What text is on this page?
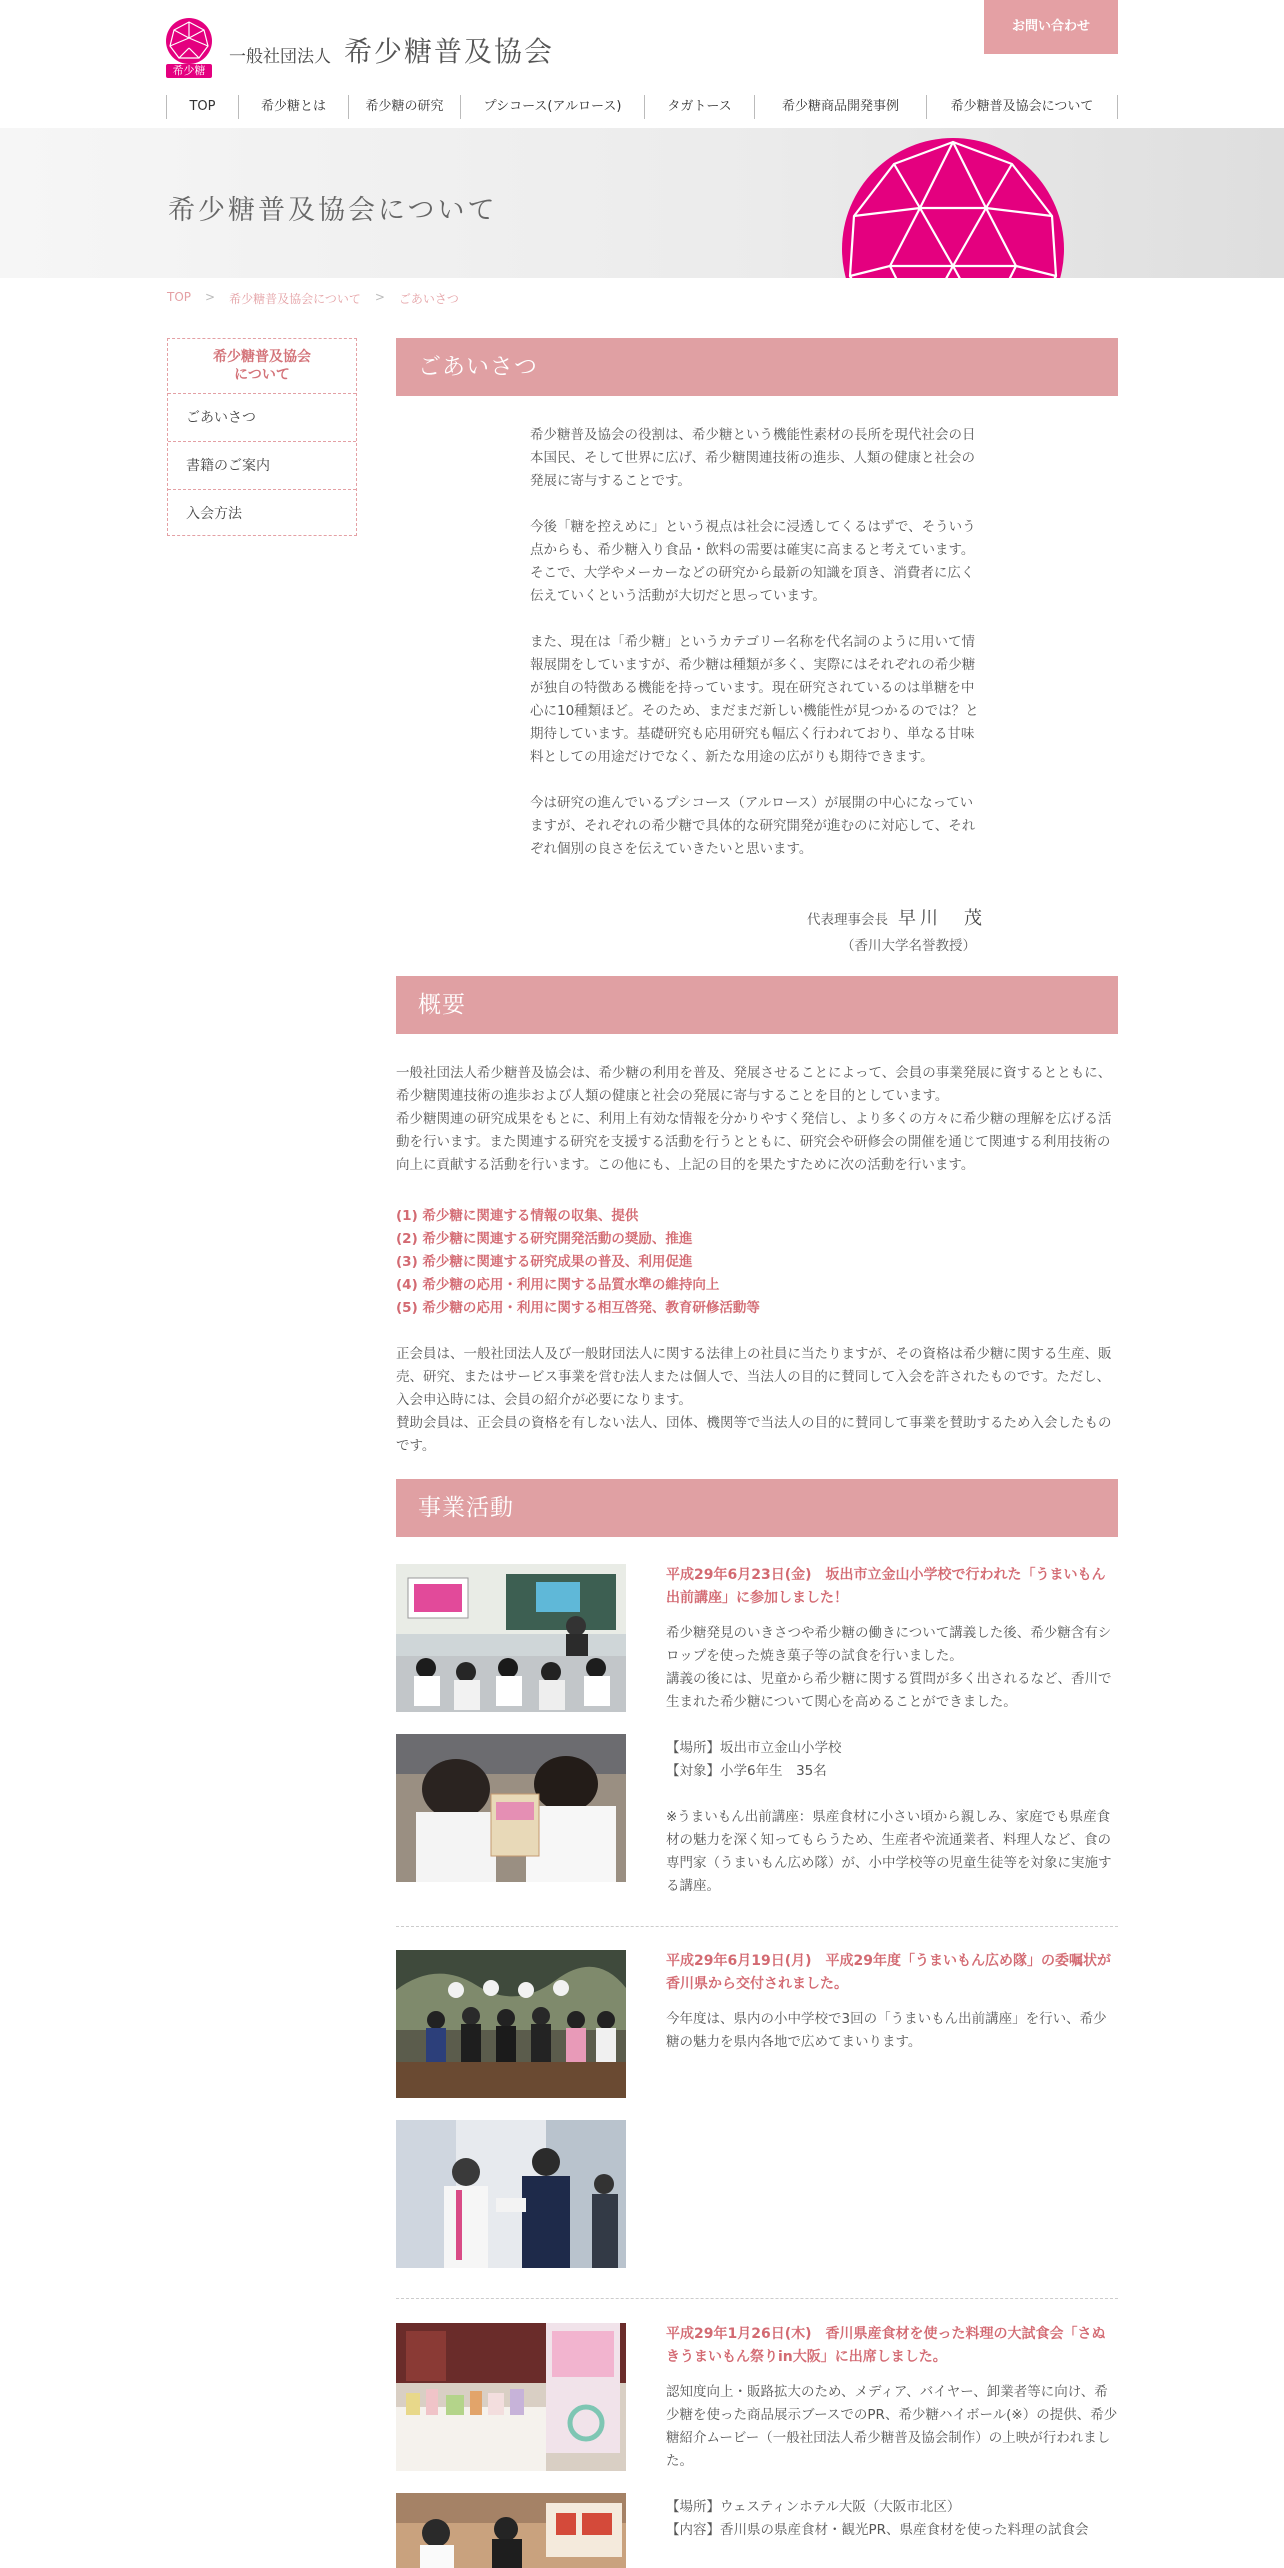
希少糖
一般社団法人 希少糖普及協会
お問い合わせ
TOP	希少糖とは	希少糖の研究	プシコース(アルロース)	タガトース	希少糖商品開発事例	希少糖普及協会について
希少糖普及協会について
TOP > 希少糖普及協会について > ごあいさつ
希少糖普及協会
について
ごあいさつ
書籍のご案内
入会方法
ごあいさつ

希少糖普及協会の役割は、希少糖という機能性素材の長所を現代社会の日本国民、そして世界に広げ、希少糖関連技術の進歩、人類の健康と社会の発展に寄与することです。

今後「糖を控えめに」という視点は社会に浸透してくるはずで、そういう点からも、希少糖入り食品・飲料の需要は確実に高まると考えています。そこで、大学やメーカーなどの研究から最新の知識を頂き、消費者に広く伝えていくという活動が大切だと思っています。

また、現在は「希少糖」というカテゴリー名称を代名詞のように用いて情報展開をしていますが、希少糖は種類が多く、実際にはそれぞれの希少糖が独自の特徴ある機能を持っています。現在研究されているのは単糖を中心に10種類ほど。そのため、まだまだ新しい機能性が見つかるのでは？と期待しています。基礎研究も応用研究も幅広く行われており、単なる甘味料としての用途だけでなく、新たな用途の広がりも期待できます。

今は研究の進んでいるプシコース（アルロース）が展開の中心になっていますが、それぞれの希少糖で具体的な研究開発が進むのに対応して、それぞれ個別の良さを伝えていきたいと思います。

代表理事会長 早川　茂
（香川大学名誉教授）
概要

一般社団法人希少糖普及協会は、希少糖の利用を普及、発展させることによって、会員の事業発展に資するとともに、希少糖関連技術の進歩および人類の健康と社会の発展に寄与することを目的としています。

希少糖関連の研究成果をもとに、利用上有効な情報を分かりやすく発信し、より多くの方々に希少糖の理解を広げる活動を行います。また関連する研究を支援する活動を行うとともに、研究会や研修会の開催を通じて関連する利用技術の向上に貢献する活動を行います。この他にも、上記の目的を果たすために次の活動を行います。

(1) 希少糖に関連する情報の収集、提供
(2) 希少糖に関連する研究開発活動の奨励、推進
(3) 希少糖に関連する研究成果の普及、利用促進
(4) 希少糖の応用・利用に関する品質水準の維持向上
(5) 希少糖の応用・利用に関する相互啓発、教育研修活動等

正会員は、一般社団法人及び一般財団法人に関する法律上の社員に当たりますが、その資格は希少糖に関する生産、販売、研究、またはサービス事業を営む法人または個人で、当法人の目的に賛同して入会を許されたものです。ただし、入会申込時には、会員の紹介が必要になります。

賛助会員は、正会員の資格を有しない法人、団体、機関等で当法人の目的に賛同して事業を賛助するため入会したものです。

事業活動
平成29年6月23日(金)　坂出市立金山小学校で行われた「うまいもん出前講座」に参加しました！
希少糖発見のいきさつや希少糖の働きについて講義した後、希少糖含有シロップを使った焼き菓子等の試食を行いました。
講義の後には、児童から希少糖に関する質問が多く出されるなど、香川で生まれた希少糖について関心を高めることができました。
【場所】坂出市立金山小学校
【対象】小学6年生　35名
※うまいもん出前講座：県産食材に小さい頃から親しみ、家庭でも県産食材の魅力を深く知ってもらうため、生産者や流通業者、料理人など、食の専門家（うまいもん広め隊）が、小中学校等の児童生徒等を対象に実施する講座。
平成29年6月19日(月)　平成29年度「うまいもん広め隊」の委嘱状が香川県から交付されました。
今年度は、県内の小中学校で3回の「うまいもん出前講座」を行い、希少糖の魅力を県内各地で広めてまいります。
平成29年1月26日(木)　香川県産食材を使った料理の大試食会「さぬきうまいもん祭りin大阪」に出席しました。
認知度向上・販路拡大のため、メディア、バイヤー、卸業者等に向け、希少糖を使った商品展示ブースでのPR、希少糖ハイボール(※）の提供、希少糖紹介ムービー（一般社団法人希少糖普及協会制作）の上映が行われました。
【場所】ウェスティンホテル大阪（大阪市北区）
【内容】香川県の県産食材・観光PR、県産食材を使った料理の試食会
